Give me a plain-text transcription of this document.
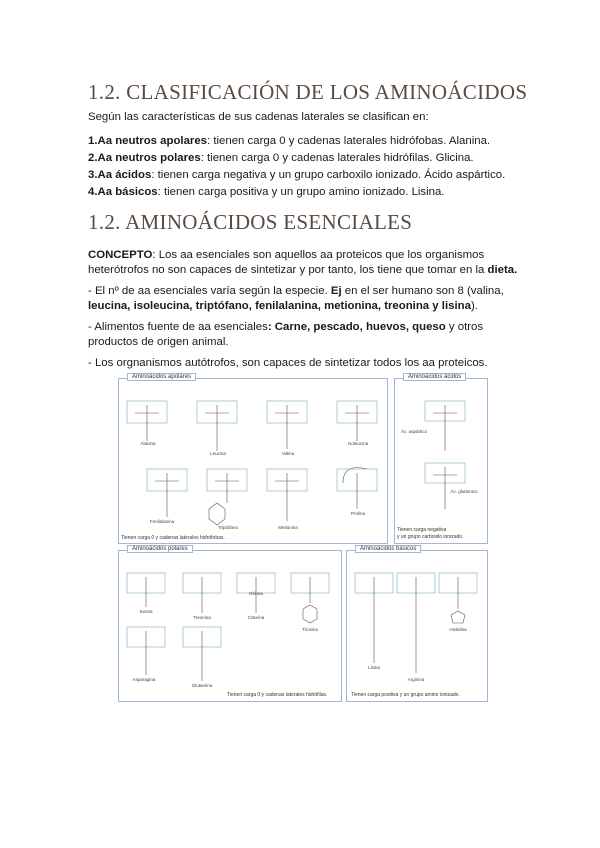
1.2. CLASIFICACIÓN DE LOS AMINOÁCIDOS

Según las características de sus cadenas laterales se clasifican en:

1.Aa neutros apolares: tienen carga 0 y cadenas laterales hidrófobas. Alanina.

2.Aa neutros polares: tienen carga 0 y cadenas laterales hidrófilas. Glicina.

3.Aa ácidos: tienen carga negativa y un grupo carboxilo ionizado. Ácido aspártico.

4.Aa básicos: tienen carga positiva y un grupo amino ionizado. Lisina.

1.2. AMINOÁCIDOS ESENCIALES

CONCEPTO: Los aa esenciales son aquellos aa proteicos que los organismos

heterótrofos no son capaces de sintetizar y por tanto, los tiene que tomar en la dieta.

- El nº de aa esenciales varía según la especie. Ej en el ser humano son 8 (valina,

leucina, isoleucina, triptófano, fenilalanina, metionina, treonina y lisina).

- Alimentos fuente de aa esenciales: Carne, pescado, huevos, queso y otros

productos de origen animal.

- Los orgnanismos autótrofos, son capaces de sintetizar todos los aa proteicos.

Aminoácidos apolares
Alanina
Leucina	Valina
Isoleucina
Fenilalanina
Triptófano	Metionina
Prolina
Tienen carga 0 y cadenas laterales hidrófobas.
Aminoácidos ácidos
Ác. aspártico
Ác. glutámico
Tienen carga negativa
y un grupo carboxilo ionizado.
Aminoácidos polares
Serina
Treonina	Cisteína
Tirosina
Asparagina
Glutamina
Glicina
Tienen carga 0 y cadenas laterales hidrófilas.
Aminoácidos básicos
Lisina
Arginina
Histidina
Tienen carga positiva y un grupo amino ionizado.
